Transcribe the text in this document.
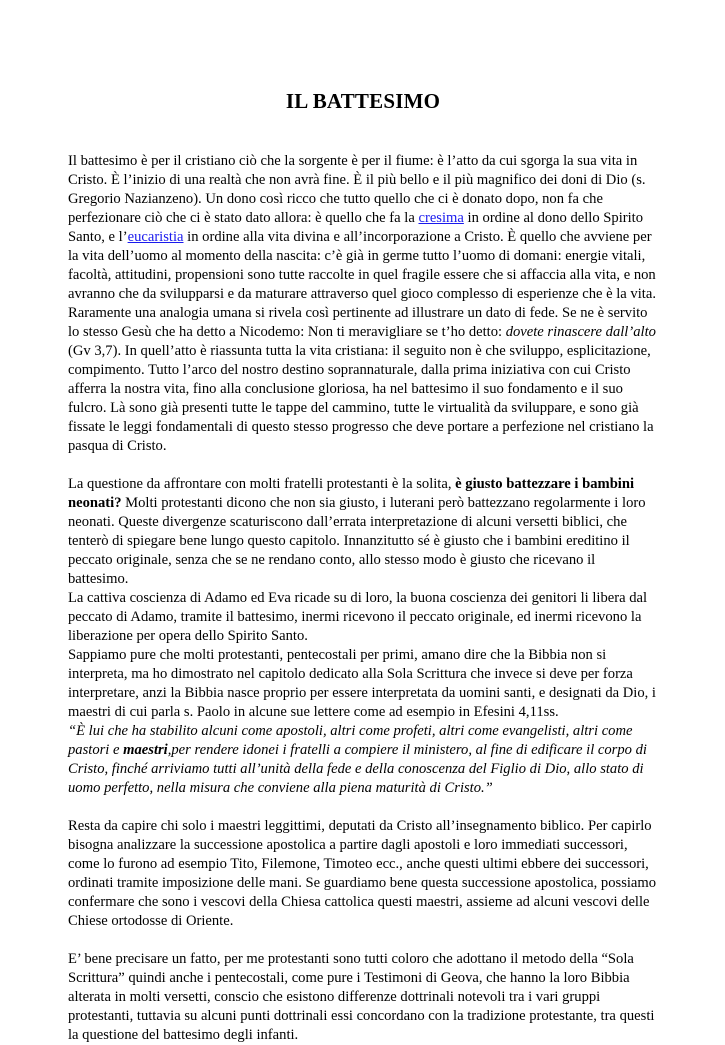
IL BATTESIMO

Il battesimo è per il cristiano ciò che la sorgente è per il fiume: è l’atto da cui sgorga la sua vita in Cristo. È l’inizio di una realtà che non avrà fine. È il più bello e il più magnifico dei doni di Dio (s. Gregorio Nazianzeno). Un dono così ricco che tutto quello che ci è donato dopo, non fa che perfezionare ciò che ci è stato dato allora: è quello che fa la cresima in ordine al dono dello Spirito Santo, e l’eucaristia in ordine alla vita divina e all’incorporazione a Cristo. È quello che avviene per la vita dell’uomo al momento della nascita: c’è già in germe tutto l’uomo di domani: energie vitali, facoltà, attitudini, propensioni sono tutte raccolte in quel fragile essere che si affaccia alla vita, e non avranno che da svilupparsi e da maturare attraverso quel gioco complesso di esperienze che è la vita. Raramente una analogia umana si rivela così pertinente ad illustrare un dato di fede. Se ne è servito lo stesso Gesù che ha detto a Nicodemo: Non ti meravigliare se t’ho detto: dovete rinascere dall’alto (Gv 3,7). In quell’atto è riassunta tutta la vita cristiana: il seguito non è che sviluppo, esplicitazione, compimento. Tutto l’arco del nostro destino soprannaturale, dalla prima iniziativa con cui Cristo afferra la nostra vita, fino alla conclusione gloriosa, ha nel battesimo il suo fondamento e il suo fulcro. Là sono già presenti tutte le tappe del cammino, tutte le virtualità da sviluppare, e sono già fissate le leggi fondamentali di questo stesso progresso che deve portare a perfezione nel cristiano la pasqua di Cristo.

La questione da affrontare con molti fratelli protestanti è la solita, è giusto battezzare i bambini neonati? Molti protestanti dicono che non sia giusto, i luterani però battezzano regolarmente i loro neonati. Queste divergenze scaturiscono dall’errata interpretazione di alcuni versetti biblici, che tenterò di spiegare bene lungo questo capitolo. Innanzitutto sé è giusto che i bambini ereditino il peccato originale, senza che se ne rendano conto, allo stesso modo è giusto che ricevano il battesimo.

La cattiva coscienza di Adamo ed Eva ricade su di loro, la buona coscienza dei genitori li libera dal peccato di Adamo, tramite il battesimo, inermi ricevono il peccato originale, ed inermi ricevono la liberazione per opera dello Spirito Santo.

Sappiamo pure che molti protestanti, pentecostali per primi, amano dire che la Bibbia non si interpreta, ma ho dimostrato nel capitolo dedicato alla Sola Scrittura che invece si deve per forza interpretare, anzi la Bibbia nasce proprio per essere interpretata da uomini santi, e designati da Dio, i maestri di cui parla s. Paolo in alcune sue lettere come ad esempio in Efesini 4,11ss.

“È lui che ha stabilito alcuni come apostoli, altri come profeti, altri come evangelisti, altri come pastori e maestri,per rendere idonei i fratelli a compiere il ministero, al fine di edificare il corpo di Cristo, finché arriviamo tutti all’unità della fede e della conoscenza del Figlio di Dio, allo stato di uomo perfetto, nella misura che conviene alla piena maturità di Cristo.”

Resta da capire chi solo i maestri leggittimi, deputati da Cristo all’insegnamento biblico. Per capirlo bisogna analizzare la successione apostolica a partire dagli apostoli e loro immediati successori, come lo furono ad esempio Tito, Filemone, Timoteo ecc., anche questi ultimi ebbere dei successori, ordinati tramite imposizione delle mani. Se guardiamo bene questa successione apostolica, possiamo confermare che sono i vescovi della Chiesa cattolica questi maestri, assieme ad alcuni vescovi delle Chiese ortodosse di Oriente.

E’ bene precisare un fatto, per me protestanti sono tutti coloro che adottano il metodo della “Sola Scrittura” quindi anche i pentecostali, come pure i Testimoni di Geova, che hanno la loro Bibbia alterata in molti versetti, conscio che esistono differenze dottrinali notevoli tra i vari gruppi protestanti, tuttavia su alcuni punti dottrinali essi concordano con la tradizione protestante, tra questi la questione del battesimo degli infanti.
